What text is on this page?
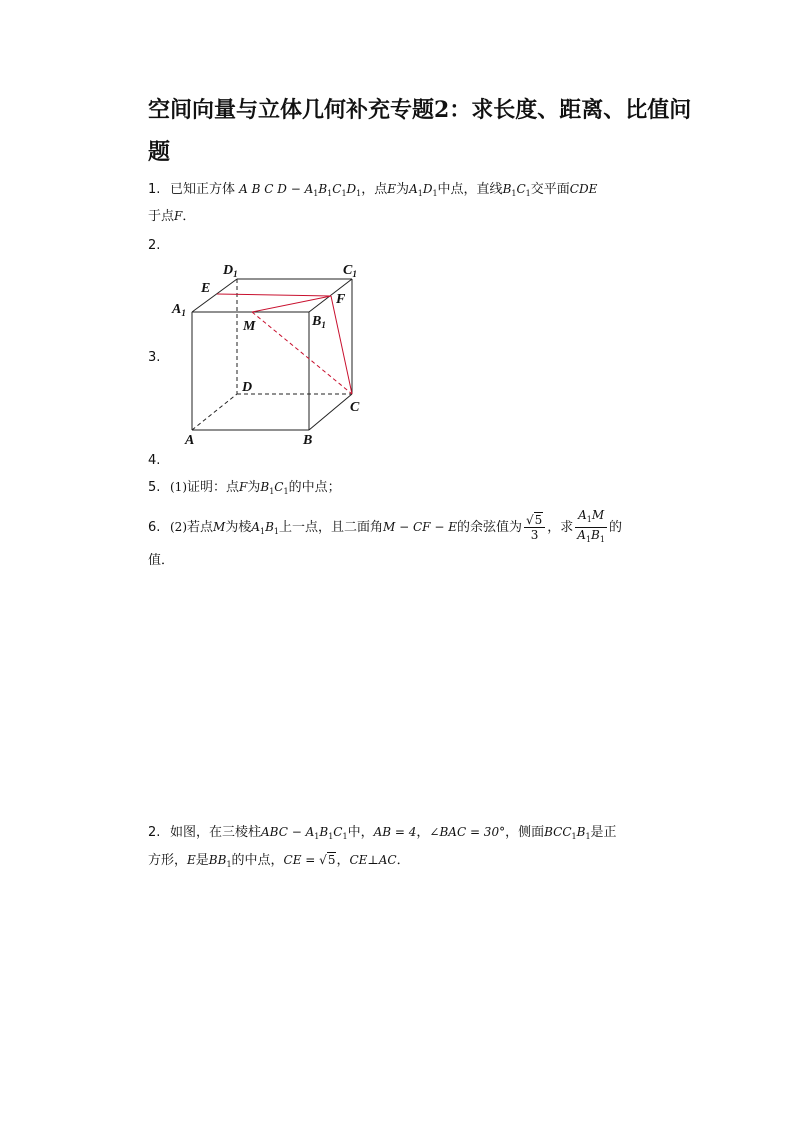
空间向量与立体几何补充专题2：求长度、距离、比值问
题
1. 已知正方体 A B C $D - A_1B_1C_1D_1$，点E为$A_1D_1$中点，直线$B_1C_1$交平面CDE
于点F．
2.
$D_1$	$C_1$
E
F
$A_1$
M	$B_1$
D
C
A	B
3.
4.
5. (1)证明：点F为$B_1C_1$的中点；
6. (2)若点M为棱$A_1B_1$上一点，且二面角M − CF − E的余弦值为 $\frac{√5}{3}$ ，求 $\frac{A_1M}{A_1B_1}$ 的
值．
2. 如图，在三棱柱ABC − $A_1B_1C_1$中，AB = 4，∠BAC = 30°，侧面$BCC_1B_1$是正
方形，E是$BB_1$的中点，CE = √5，CE⊥AC．
